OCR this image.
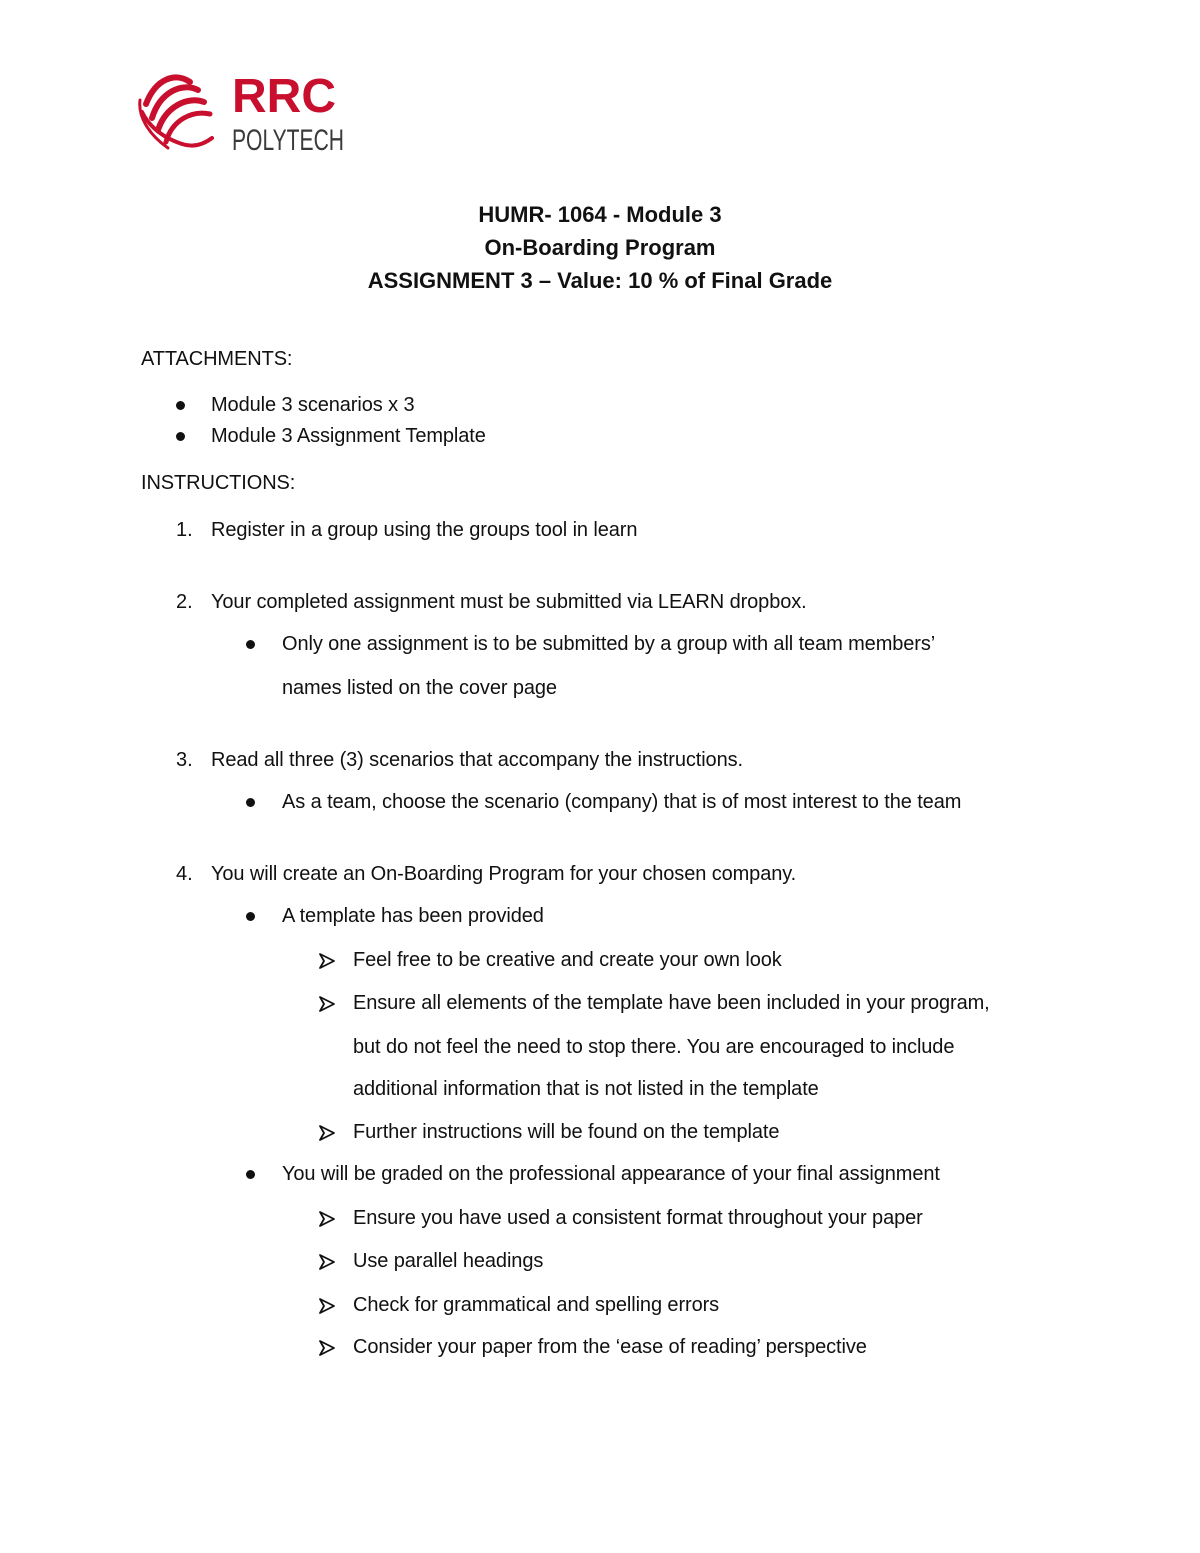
RRC
POLYTECH
HUMR- 1064 - Module 3
On-Boarding Program
ASSIGNMENT 3 – Value: 10 % of Final Grade
ATTACHMENTS:
Module 3 scenarios x 3
Module 3 Assignment Template
INSTRUCTIONS:
1. Register in a group using the groups tool in learn
2. Your completed assignment must be submitted via LEARN dropbox.
Only one assignment is to be submitted by a group with all team members’
names listed on the cover page
3. Read all three (3) scenarios that accompany the instructions.
As a team, choose the scenario (company) that is of most interest to the team
4. You will create an On-Boarding Program for your chosen company.
A template has been provided
Feel free to be creative and create your own look
Ensure all elements of the template have been included in your program,
but do not feel the need to stop there. You are encouraged to include
additional information that is not listed in the template
Further instructions will be found on the template
You will be graded on the professional appearance of your final assignment
Ensure you have used a consistent format throughout your paper
Use parallel headings
Check for grammatical and spelling errors
Consider your paper from the ‘ease of reading’ perspective
